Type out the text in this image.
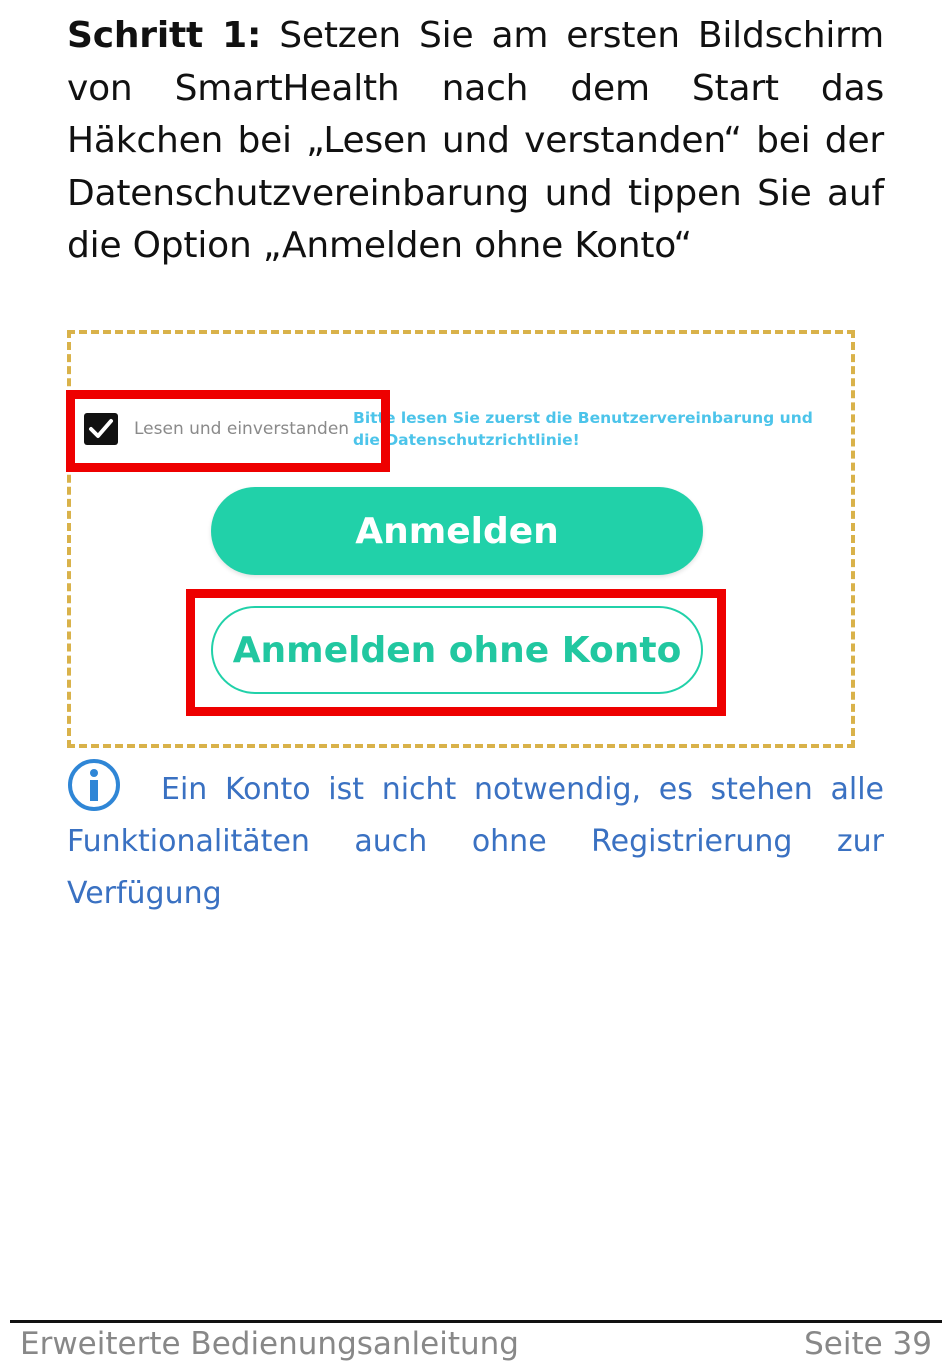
Schritt 1: Setzen Sie am ersten Bildschirm von SmartHealth nach dem Start das Häkchen bei „Lesen und verstanden“ bei der Datenschutzvereinbarung und tippen Sie auf die Option „Anmelden ohne Konto“
Lesen und einverstanden
Bitte lesen Sie zuerst die Benutzervereinbarung und die Datenschutzrichtlinie!
Anmelden
Anmelden ohne Konto
Ein Konto ist nicht notwendig, es stehen alle Funktionalitäten auch ohne Registrierung zur Verfügung
Erweiterte Bedienungsanleitung	Seite 39
